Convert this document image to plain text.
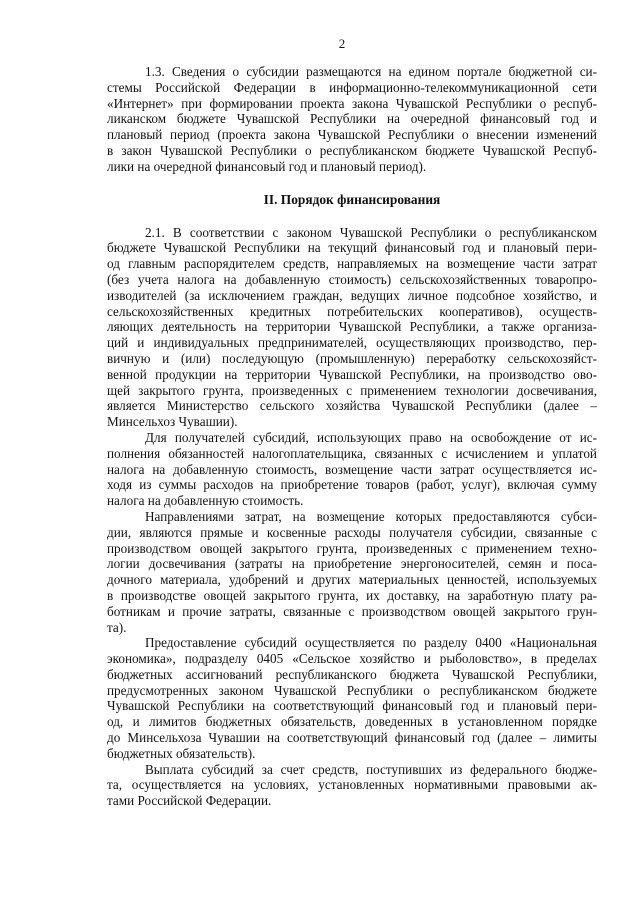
2
1.3. Сведения о субсидии размещаются на едином портале бюджетной си-
стемы Российской Федерации в информационно-телекоммуникационной сети
«Интернет» при формировании проекта закона Чувашской Республики о респуб-
ликанском бюджете Чувашской Республики на очередной финансовый год и
плановый период (проекта закона Чувашской Республики о внесении изменений
в закон Чувашской Республики о республиканском бюджете Чувашской Респуб-
лики на очередной финансовый год и плановый период).
II. Порядок финансирования
2.1. В соответствии с законом Чувашской Республики о республиканском
бюджете Чувашской Республики на текущий финансовый год и плановый пери-
од главным распорядителем средств, направляемых на возмещение части затрат
(без учета налога на добавленную стоимость) сельскохозяйственных товаропро-
изводителей (за исключением граждан, ведущих личное подсобное хозяйство, и
сельскохозяйственных кредитных потребительских кооперативов), осуществ-
ляющих деятельность на территории Чувашской Республики, а также организа-
ций и индивидуальных предпринимателей, осуществляющих производство, пер-
вичную и (или) последующую (промышленную) переработку сельскохозяйст-
венной продукции на территории Чувашской Республики, на производство ово-
щей закрытого грунта, произведенных с применением технологии досвечивания,
является Министерство сельского хозяйства Чувашской Республики (далее –
Минсельхоз Чувашии).
Для получателей субсидий, использующих право на освобождение от ис-
полнения обязанностей налогоплательщика, связанных с исчислением и уплатой
налога на добавленную стоимость, возмещение части затрат осуществляется ис-
ходя из суммы расходов на приобретение товаров (работ, услуг), включая сумму
налога на добавленную стоимость.
Направлениями затрат, на возмещение которых предоставляются субси-
дии, являются прямые и косвенные расходы получателя субсидии, связанные с
производством овощей закрытого грунта, произведенных с применением техно-
логии досвечивания (затраты на приобретение энергоносителей, семян и поса-
дочного материала, удобрений и других материальных ценностей, используемых
в производстве овощей закрытого грунта, их доставку, на заработную плату ра-
ботникам и прочие затраты, связанные с производством овощей закрытого грун-
та).
Предоставление субсидий осуществляется по разделу 0400 «Национальная
экономика», подразделу 0405 «Сельское хозяйство и рыболовство», в пределах
бюджетных ассигнований республиканского бюджета Чувашской Республики,
предусмотренных законом Чувашской Республики о республиканском бюджете
Чувашской Республики на соответствующий финансовый год и плановый пери-
од, и лимитов бюджетных обязательств, доведенных в установленном порядке
до Минсельхоза Чувашии на соответствующий финансовый год (далее – лимиты
бюджетных обязательств).
Выплата субсидий за счет средств, поступивших из федерального бюдже-
та, осуществляется на условиях, установленных нормативными правовыми ак-
тами Российской Федерации.
